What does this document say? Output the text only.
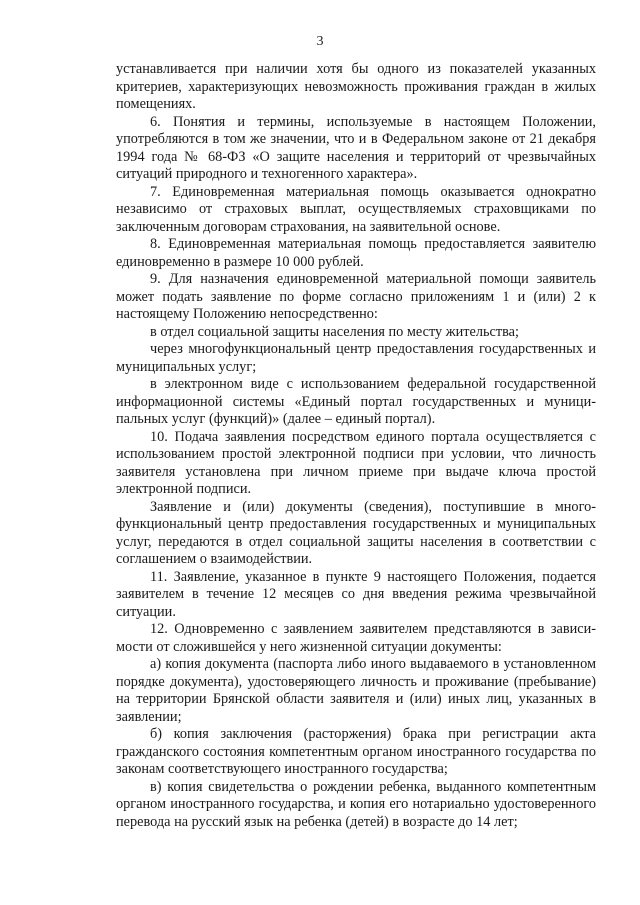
3

устанавливается при наличии хотя бы одного из показателей указанных критериев, характеризующих невозможность проживания граждан в жилых помещениях.

6. Понятия и термины, используемые в настоящем Положении, употребляются в том же значении, что и в Федеральном законе от 21 декабря 1994 года № 68-ФЗ «О защите населения и территорий от чрезвычайных ситуаций природного и техногенного характера».

7. Единовременная материальная помощь оказывается однократно независимо от страховых выплат, осуществляемых страховщиками по заключенным договорам страхования, на заявительной основе.

8. Единовременная материальная помощь предоставляется заявителю единовременно в размере 10 000 рублей.

9. Для назначения единовременной материальной помощи заявитель может подать заявление по форме согласно приложениям 1 и (или) 2 к настоящему Положению непосредственно:

в отдел социальной защиты населения по месту жительства;

через многофункциональный центр предоставления государственных и муниципальных услуг;

в электронном виде с использованием федеральной государственной информационной системы «Единый портал государственных и муниципальных услуг (функций)» (далее – единый портал).

10. Подача заявления посредством единого портала осуществляется с использованием простой электронной подписи при условии, что личность заявителя установлена при личном приеме при выдаче ключа простой электронной подписи.

Заявление и (или) документы (сведения), поступившие в многофункциональный центр предоставления государственных и муниципальных услуг, передаются в отдел социальной защиты населения в соответствии с соглашением о взаимодействии.

11. Заявление, указанное в пункте 9 настоящего Положения, подается заявителем в течение 12 месяцев со дня введения режима чрезвычайной ситуации.

12. Одновременно с заявлением заявителем представляются в зависимости от сложившейся у него жизненной ситуации документы:

а) копия документа (паспорта либо иного выдаваемого в установленном порядке документа), удостоверяющего личность и проживание (пребывание) на территории Брянской области заявителя и (или) иных лиц, указанных в заявлении;

б) копия заключения (расторжения) брака при регистрации акта гражданского состояния компетентным органом иностранного государства по законам соответствующего иностранного государства;

в) копия свидетельства о рождении ребенка, выданного компетентным органом иностранного государства, и копия его нотариально удостоверенного перевода на русский язык на ребенка (детей) в возрасте до 14 лет;
